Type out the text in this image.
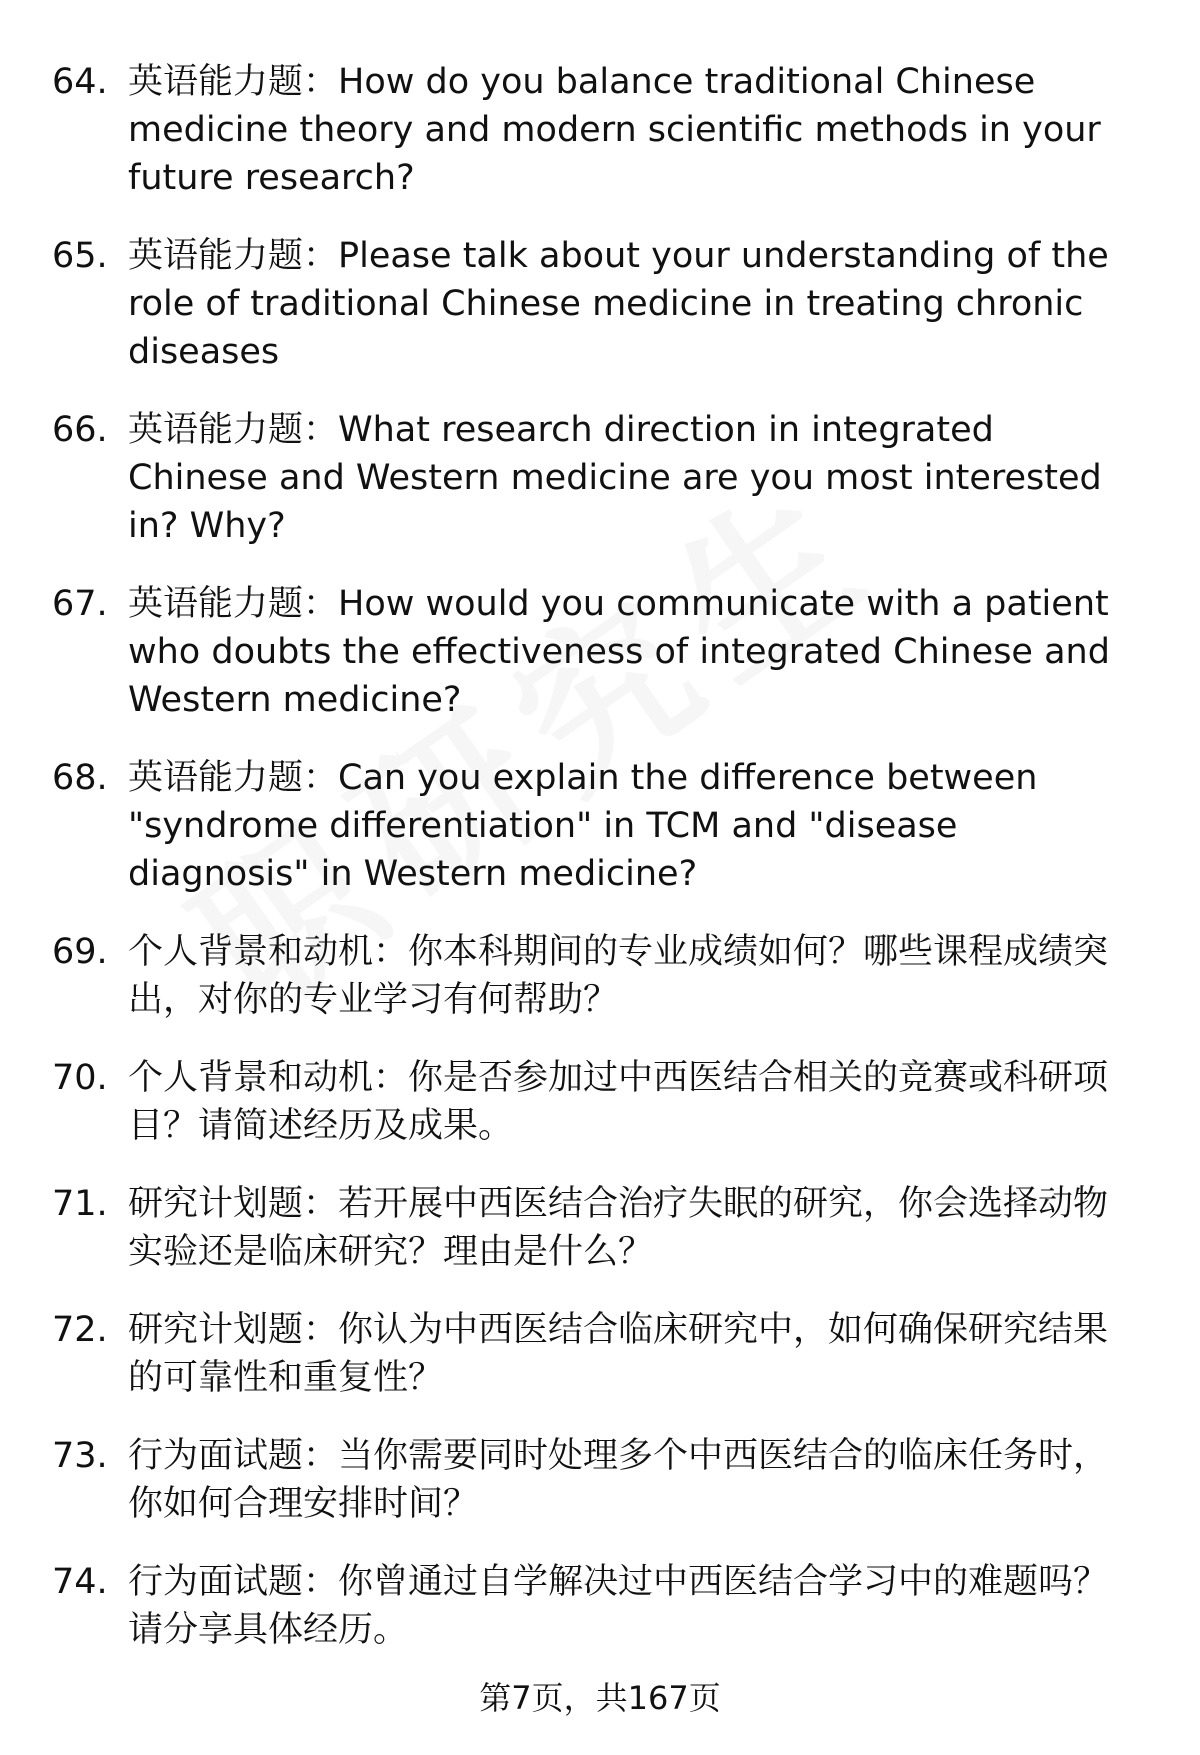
64. 英语能力题：How do you balance traditional Chinese medicine theory and modern scientific methods in your future research?
65. 英语能力题：Please talk about your understanding of the role of traditional Chinese medicine in treating chronic diseases
66. 英语能力题：What research direction in integrated Chinese and Western medicine are you most interested in? Why?
67. 英语能力题：How would you communicate with a patient who doubts the effectiveness of integrated Chinese and Western medicine?
68. 英语能力题：Can you explain the difference between "syndrome differentiation" in TCM and "disease diagnosis" in Western medicine?
69. 个人背景和动机：你本科期间的专业成绩如何？哪些课程成绩突出，对你的专业学习有何帮助？
70. 个人背景和动机：你是否参加过中西医结合相关的竞赛或科研项目？请简述经历及成果。
71. 研究计划题：若开展中西医结合治疗失眠的研究，你会选择动物实验还是临床研究？理由是什么？
72. 研究计划题：你认为中西医结合临床研究中，如何确保研究结果的可靠性和重复性？
73. 行为面试题：当你需要同时处理多个中西医结合的临床任务时，你如何合理安排时间？
74. 行为面试题：你曾通过自学解决过中西医结合学习中的难题吗？请分享具体经历。
第7页，共167页
